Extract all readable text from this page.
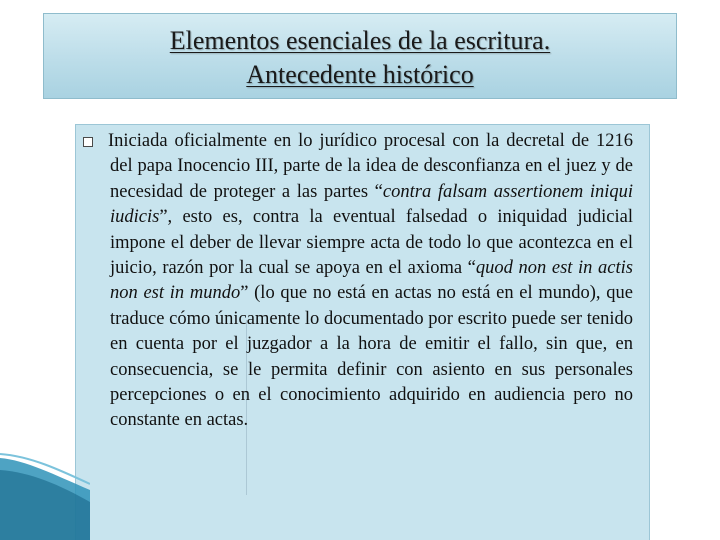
Elementos esenciales de la escritura.
Antecedente histórico

Iniciada oficialmente en lo jurídico procesal con la decretal de 1216 del papa Inocencio III, parte de la idea de desconfianza en el juez y de necesidad de proteger a las partes “contra falsam assertionem iniqui iudicis”, esto es, contra la eventual falsedad o iniquidad judicial impone el deber de llevar siempre acta de todo lo que acontezca en el juicio, razón por la cual se apoya en el axioma “quod non est in actis non est in mundo” (lo que no está en actas no está en el mundo), que traduce cómo únicamente lo documentado por escrito puede ser tenido en cuenta por el juzgador a la hora de emitir el fallo, sin que, en consecuencia, se le permita definir con asiento en sus personales percepciones o en el conocimiento adquirido en audiencia pero no constante en actas.
